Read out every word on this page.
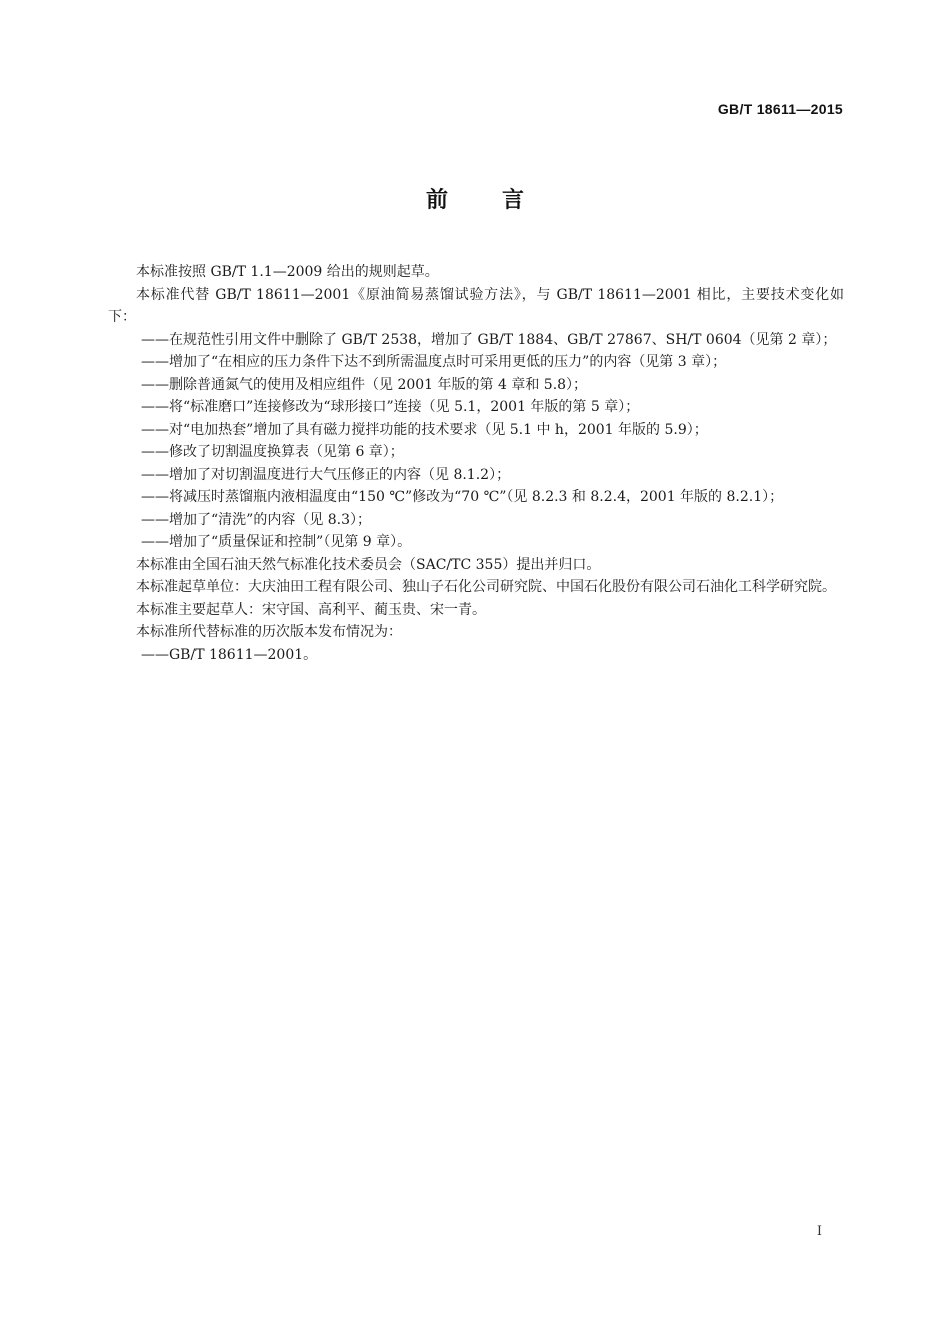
GB/T 18611—2015
前言

本标准按照 GB/T 1.1—2009 给出的规则起草。

本标准代替 GB/T 18611—2001《原油简易蒸馏试验方法》，与 GB/T 18611—2001 相比，主要技术变化如下：

——在规范性引用文件中删除了 GB/T 2538，增加了 GB/T 1884、GB/T 27867、SH/T 0604（见第 2 章）；

——增加了“在相应的压力条件下达不到所需温度点时可采用更低的压力”的内容（见第 3 章）；

——删除普通氮气的使用及相应组件（见 2001 年版的第 4 章和 5.8）；

——将“标准磨口”连接修改为“球形接口”连接（见 5.1，2001 年版的第 5 章）；

——对“电加热套”增加了具有磁力搅拌功能的技术要求（见 5.1 中 h，2001 年版的 5.9）；

——修改了切割温度换算表（见第 6 章）；

——增加了对切割温度进行大气压修正的内容（见 8.1.2）；

——将减压时蒸馏瓶内液相温度由“150 ℃”修改为“70 ℃”（见 8.2.3 和 8.2.4，2001 年版的 8.2.1）；

——增加了“清洗”的内容（见 8.3）；

——增加了“质量保证和控制”（见第 9 章）。

本标准由全国石油天然气标准化技术委员会（SAC/TC 355）提出并归口。

本标准起草单位：大庆油田工程有限公司、独山子石化公司研究院、中国石化股份有限公司石油化工科学研究院。

本标准主要起草人：宋守国、高利平、蔺玉贵、宋一青。

本标准所代替标准的历次版本发布情况为：

——GB/T 18611—2001。

I
